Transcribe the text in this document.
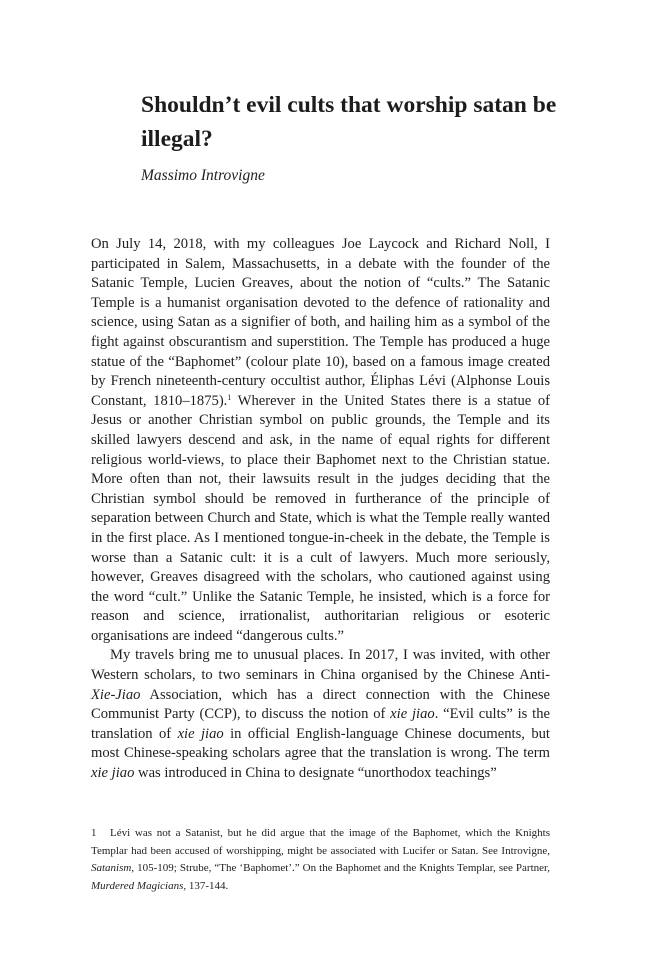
Shouldn’t evil cults that worship satan be illegal?

Massimo Introvigne

On July 14, 2018, with my colleagues Joe Laycock and Richard Noll, I participated in Salem, Massachusetts, in a debate with the founder of the Satanic Temple, Lucien Greaves, about the notion of “cults.” The Satanic Temple is a humanist organisation devoted to the defence of rationality and science, using Satan as a signifier of both, and hailing him as a symbol of the fight against obscurantism and superstition. The Temple has produced a huge statue of the “Baphomet” (colour plate 10), based on a famous image created by French nineteenth-century occultist author, Éliphas Lévi (Alphonse Louis Constant, 1810–1875).$^1$ Wherever in the United States there is a statue of Jesus or another Christian symbol on public grounds, the Temple and its skilled lawyers descend and ask, in the name of equal rights for different religious world-views, to place their Baphomet next to the Christian statue. More often than not, their lawsuits result in the judges deciding that the Christian symbol should be removed in furtherance of the principle of separation between Church and State, which is what the Temple really wanted in the first place. As I mentioned tongue-in-cheek in the debate, the Temple is worse than a Satanic cult: it is a cult of lawyers. Much more seriously, however, Greaves disagreed with the scholars, who cautioned against using the word “cult.” Unlike the Satanic Temple, he insisted, which is a force for reason and science, irrationalist, authoritarian religious or esoteric organisations are indeed “dangerous cults.”

My travels bring me to unusual places. In 2017, I was invited, with other Western scholars, to two seminars in China organised by the Chinese Anti-Xie-Jiao Association, which has a direct connection with the Chinese Communist Party (CCP), to discuss the notion of xie jiao. “Evil cults” is the translation of xie jiao in official English-language Chinese documents, but most Chinese-speaking scholars agree that the translation is wrong. The term xie jiao was introduced in China to designate “unorthodox teachings”

1 Lévi was not a Satanist, but he did argue that the image of the Baphomet, which the Knights Templar had been accused of worshipping, might be associated with Lucifer or Satan. See Introvigne, Satanism, 105-109; Strube, “The ‘Baphomet’.” On the Baphomet and the Knights Templar, see Partner, Murdered Magicians, 137-144.
